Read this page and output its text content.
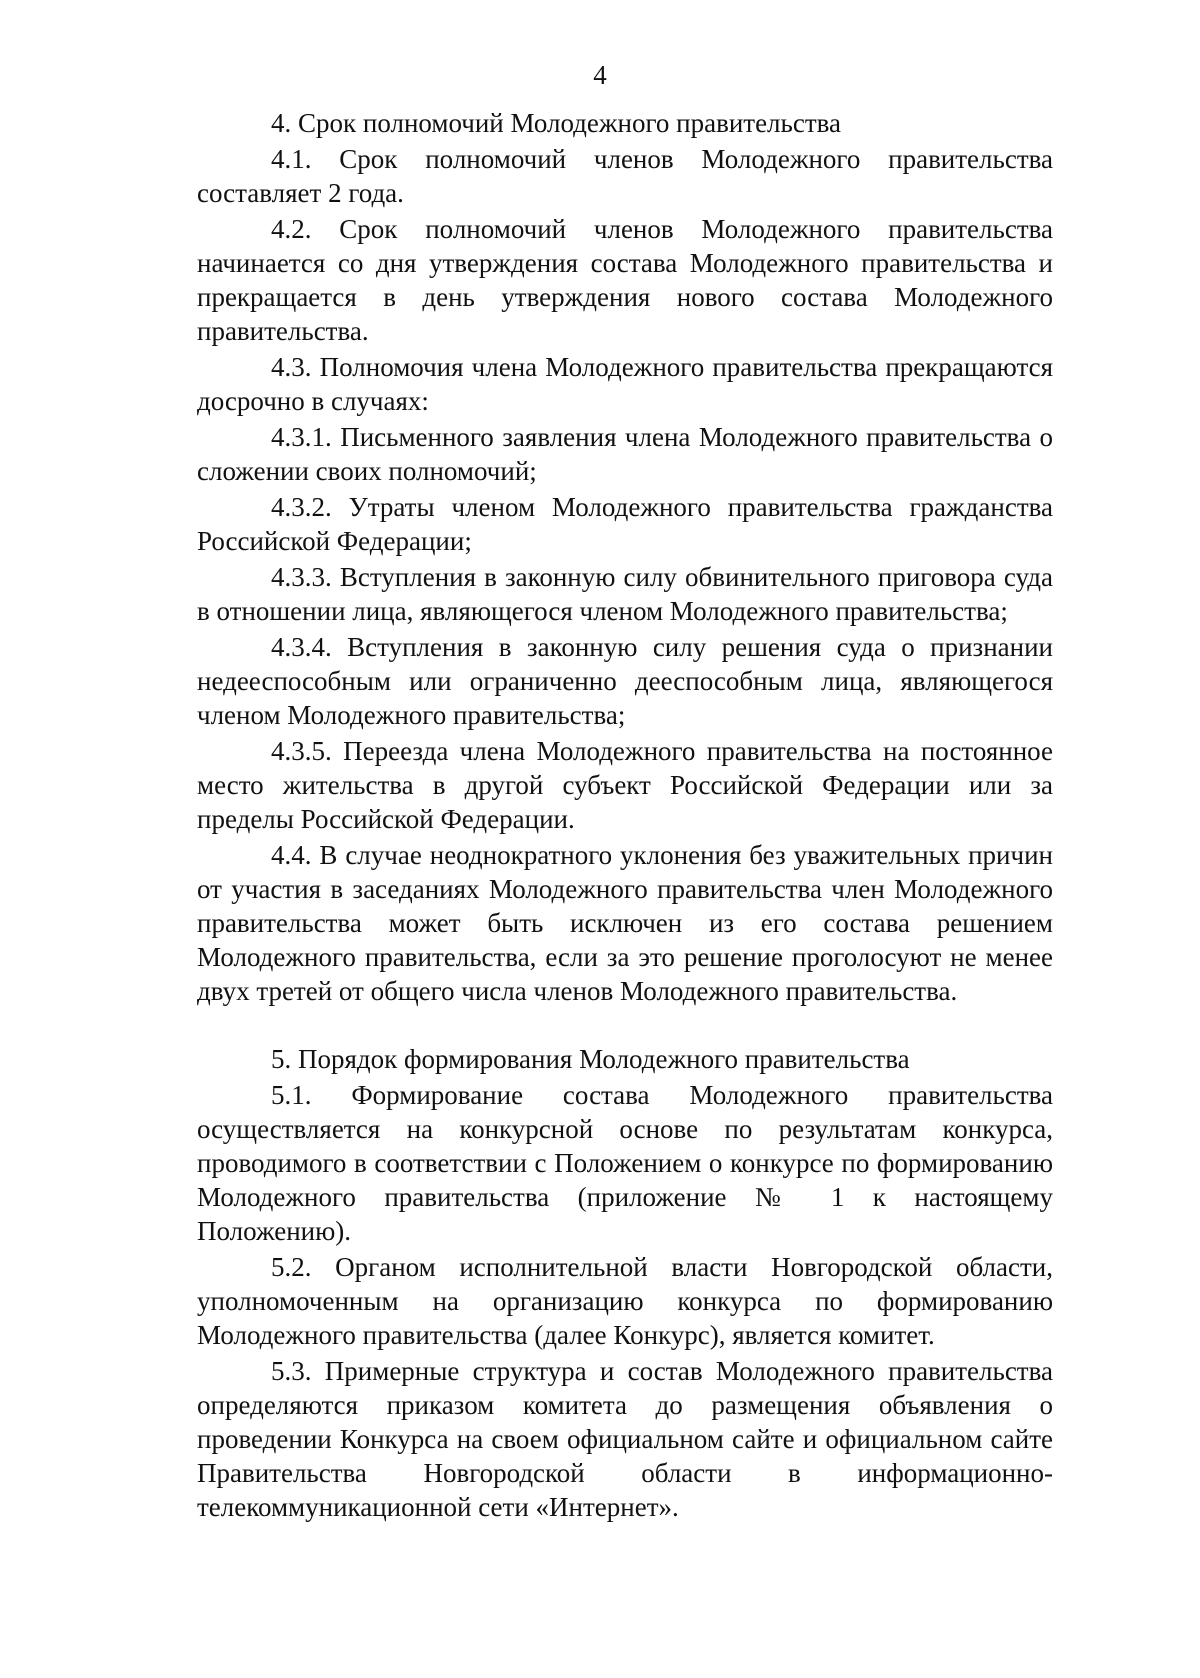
4
4. Срок полномочий Молодежного правительства

4.1. Срок полномочий членов Молодежного правительства составляет 2 года.

4.2. Срок полномочий членов Молодежного правительства начинается со дня утверждения состава Молодежного правительства и прекращается в день утверждения нового состава Молодежного правительства.

4.3. Полномочия члена Молодежного правительства прекращаются досрочно в случаях:

4.3.1. Письменного заявления члена Молодежного правительства о сложении своих полномочий;

4.3.2. Утраты членом Молодежного правительства гражданства Российской Федерации;

4.3.3. Вступления в законную силу обвинительного приговора суда в отношении лица, являющегося членом Молодежного правительства;

4.3.4. Вступления в законную силу решения суда о признании недееспособным или ограниченно дееспособным лица, являющегося членом Молодежного правительства;

4.3.5. Переезда члена Молодежного правительства на постоянное место жительства в другой субъект Российской Федерации или за пределы Российской Федерации.

4.4. В случае неоднократного уклонения без уважительных причин от участия в заседаниях Молодежного правительства член Молодежного правительства может быть исключен из его состава решением Молодежного правительства, если за это решение проголосуют не менее двух третей от общего числа членов Молодежного правительства.

5. Порядок формирования Молодежного правительства

5.1. Формирование состава Молодежного правительства осуществляется на конкурсной основе по результатам конкурса, проводимого в соответствии с Положением о конкурсе по формированию Молодежного правительства (приложение № 1 к настоящему Положению).

5.2. Органом исполнительной власти Новгородской области, уполномоченным на организацию конкурса по формированию Молодежного правительства (далее Конкурс), является комитет.

5.3. Примерные структура и состав Молодежного правительства определяются приказом комитета до размещения объявления о проведении Конкурса на своем официальном сайте и официальном сайте Правительства Новгородской области в информационно-телекоммуникационной сети «Интернет».
